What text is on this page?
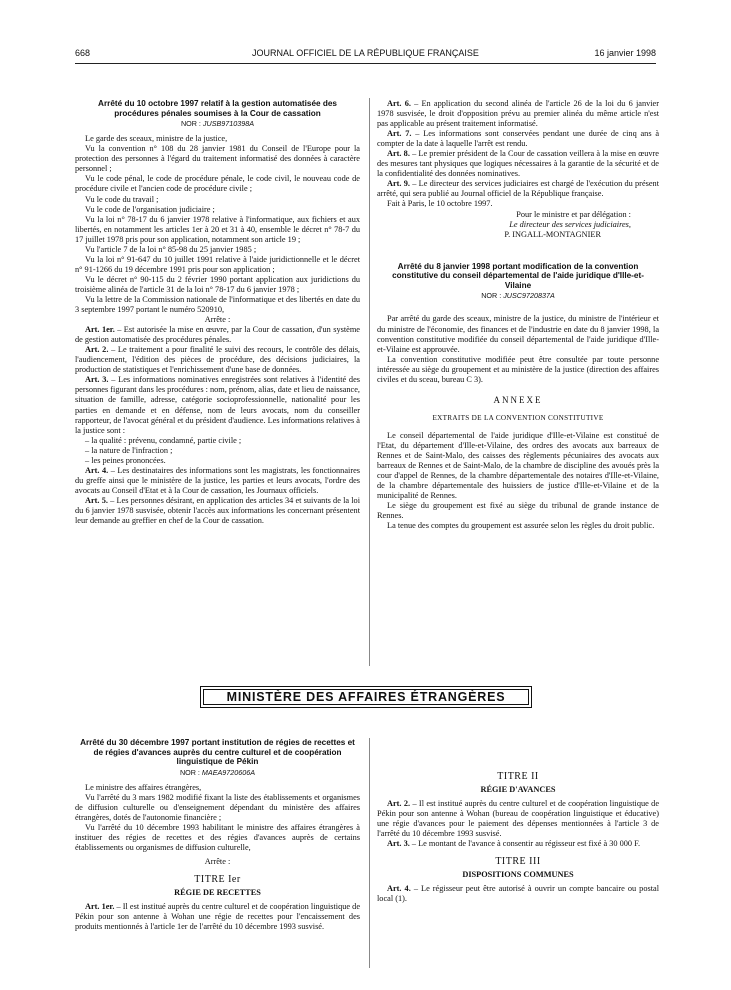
668	JOURNAL OFFICIEL DE LA RÉPUBLIQUE FRANÇAISE	16 janvier 1998
Arrêté du 10 octobre 1997 relatif à la gestion automatisée des procédures pénales soumises à la Cour de cassation
NOR : JUSB9710398A

Le garde des sceaux, ministre de la justice,

Vu la convention n° 108 du 28 janvier 1981 du Conseil de l'Europe pour la protection des personnes à l'égard du traitement informatisé des données à caractère personnel ;

Vu le code pénal, le code de procédure pénale, le code civil, le nouveau code de procédure civile et l'ancien code de procédure civile ;

Vu le code du travail ;

Vu le code de l'organisation judiciaire ;

Vu la loi n° 78-17 du 6 janvier 1978 relative à l'informatique, aux fichiers et aux libertés, en notamment les articles 1er à 20 et 31 à 40, ensemble le décret n° 78-7 du 17 juillet 1978 pris pour son application, notamment son article 19 ;

Vu l'article 7 de la loi n° 85-98 du 25 janvier 1985 ;

Vu la loi n° 91-647 du 10 juillet 1991 relative à l'aide juridictionnelle et le décret n° 91-1266 du 19 décembre 1991 pris pour son application ;

Vu le décret n° 90-115 du 2 février 1990 portant application aux juridictions du troisième alinéa de l'article 31 de la loi n° 78-17 du 6 janvier 1978 ;

Vu la lettre de la Commission nationale de l'informatique et des libertés en date du 3 septembre 1997 portant le numéro 520910,

Arrête :

Art. 1er. – Est autorisée la mise en œuvre, par la Cour de cassation, d'un système de gestion automatisée des procédures pénales.

Art. 2. – Le traitement a pour finalité le suivi des recours, le contrôle des délais, l'audiencement, l'édition des pièces de procédure, des décisions judiciaires, la production de statistiques et l'enrichissement d'une base de données.

Art. 3. – Les informations nominatives enregistrées sont relatives à l'identité des personnes figurant dans les procédures : nom, prénom, alias, date et lieu de naissance, situation de famille, adresse, catégorie socioprofessionnelle, nationalité pour les parties en demande et en défense, nom de leurs avocats, nom du conseiller rapporteur, de l'avocat général et du président d'audience. Les informations relatives à la justice sont :

– la qualité : prévenu, condamné, partie civile ;

– la nature de l'infraction ;

– les peines prononcées.

Art. 4. – Les destinataires des informations sont les magistrats, les fonctionnaires du greffe ainsi que le ministère de la justice, les parties et leurs avocats, l'ordre des avocats au Conseil d'Etat et à la Cour de cassation, les Journaux officiels.

Art. 5. – Les personnes désirant, en application des articles 34 et suivants de la loi du 6 janvier 1978 susvisée, obtenir l'accès aux informations les concernant présentent leur demande au greffier en chef de la Cour de cassation.

Art. 6. – En application du second alinéa de l'article 26 de la loi du 6 janvier 1978 susvisée, le droit d'opposition prévu au premier alinéa du même article n'est pas applicable au présent traitement informatisé.

Art. 7. – Les informations sont conservées pendant une durée de cinq ans à compter de la date à laquelle l'arrêt est rendu.

Art. 8. – Le premier président de la Cour de cassation veillera à la mise en œuvre des mesures tant physiques que logiques nécessaires à la garantie de la sécurité et de la confidentialité des données nominatives.

Art. 9. – Le directeur des services judiciaires est chargé de l'exécution du présent arrêté, qui sera publié au Journal officiel de la République française.

Fait à Paris, le 10 octobre 1997.

Pour le ministre et par délégation :
Le directeur des services judiciaires,
P. INGALL-MONTAGNIER
Arrêté du 8 janvier 1998 portant modification de la convention constitutive du conseil départemental de l'aide juridique d'Ille-et-Vilaine
NOR : JUSC9720837A

Par arrêté du garde des sceaux, ministre de la justice, du ministre de l'intérieur et du ministre de l'économie, des finances et de l'industrie en date du 8 janvier 1998, la convention constitutive modifiée du conseil départemental de l'aide juridique d'Ille-et-Vilaine est approuvée.

La convention constitutive modifiée peut être consultée par toute personne intéressée au siège du groupement et au ministère de la justice (direction des affaires civiles et du sceau, bureau C 3).

ANNEXE
EXTRAITS DE LA CONVENTION CONSTITUTIVE

Le conseil départemental de l'aide juridique d'Ille-et-Vilaine est constitué de l'Etat, du département d'Ille-et-Vilaine, des ordres des avocats aux barreaux de Rennes et de Saint-Malo, des caisses des règlements pécuniaires des avocats aux barreaux de Rennes et de Saint-Malo, de la chambre de discipline des avoués près la cour d'appel de Rennes, de la chambre départementale des notaires d'Ille-et-Vilaine, de la chambre départementale des huissiers de justice d'Ille-et-Vilaine et de la municipalité de Rennes.

Le siège du groupement est fixé au siège du tribunal de grande instance de Rennes.

La tenue des comptes du groupement est assurée selon les règles du droit public.

MINISTÈRE DES AFFAIRES ÉTRANGÈRES
Arrêté du 30 décembre 1997 portant institution de régies de recettes et de régies d'avances auprès du centre culturel et de coopération linguistique de Pékin
NOR : MAEA9720606A

Le ministre des affaires étrangères,

Vu l'arrêté du 3 mars 1982 modifié fixant la liste des établissements et organismes de diffusion culturelle ou d'enseignement dépendant du ministère des affaires étrangères, dotés de l'autonomie financière ;

Vu l'arrêté du 10 décembre 1993 habilitant le ministre des affaires étrangères à instituer des régies de recettes et des régies d'avances auprès de certains établissements ou organismes de diffusion culturelle,

Arrête :

TITRE Ier
RÉGIE DE RECETTES

Art. 1er. – Il est institué auprès du centre culturel et de coopération linguistique de Pékin pour son antenne à Wohan une régie de recettes pour l'encaissement des produits mentionnés à l'article 1er de l'arrêté du 10 décembre 1993 susvisé.

TITRE II
RÉGIE D'AVANCES

Art. 2. – Il est institué auprès du centre culturel et de coopération linguistique de Pékin pour son antenne à Wohan (bureau de coopération linguistique et éducative) une régie d'avances pour le paiement des dépenses mentionnées à l'article 3 de l'arrêté du 10 décembre 1993 susvisé.

Art. 3. – Le montant de l'avance à consentir au régisseur est fixé à 30 000 F.

TITRE III
DISPOSITIONS COMMUNES

Art. 4. – Le régisseur peut être autorisé à ouvrir un compte bancaire ou postal local (1).
